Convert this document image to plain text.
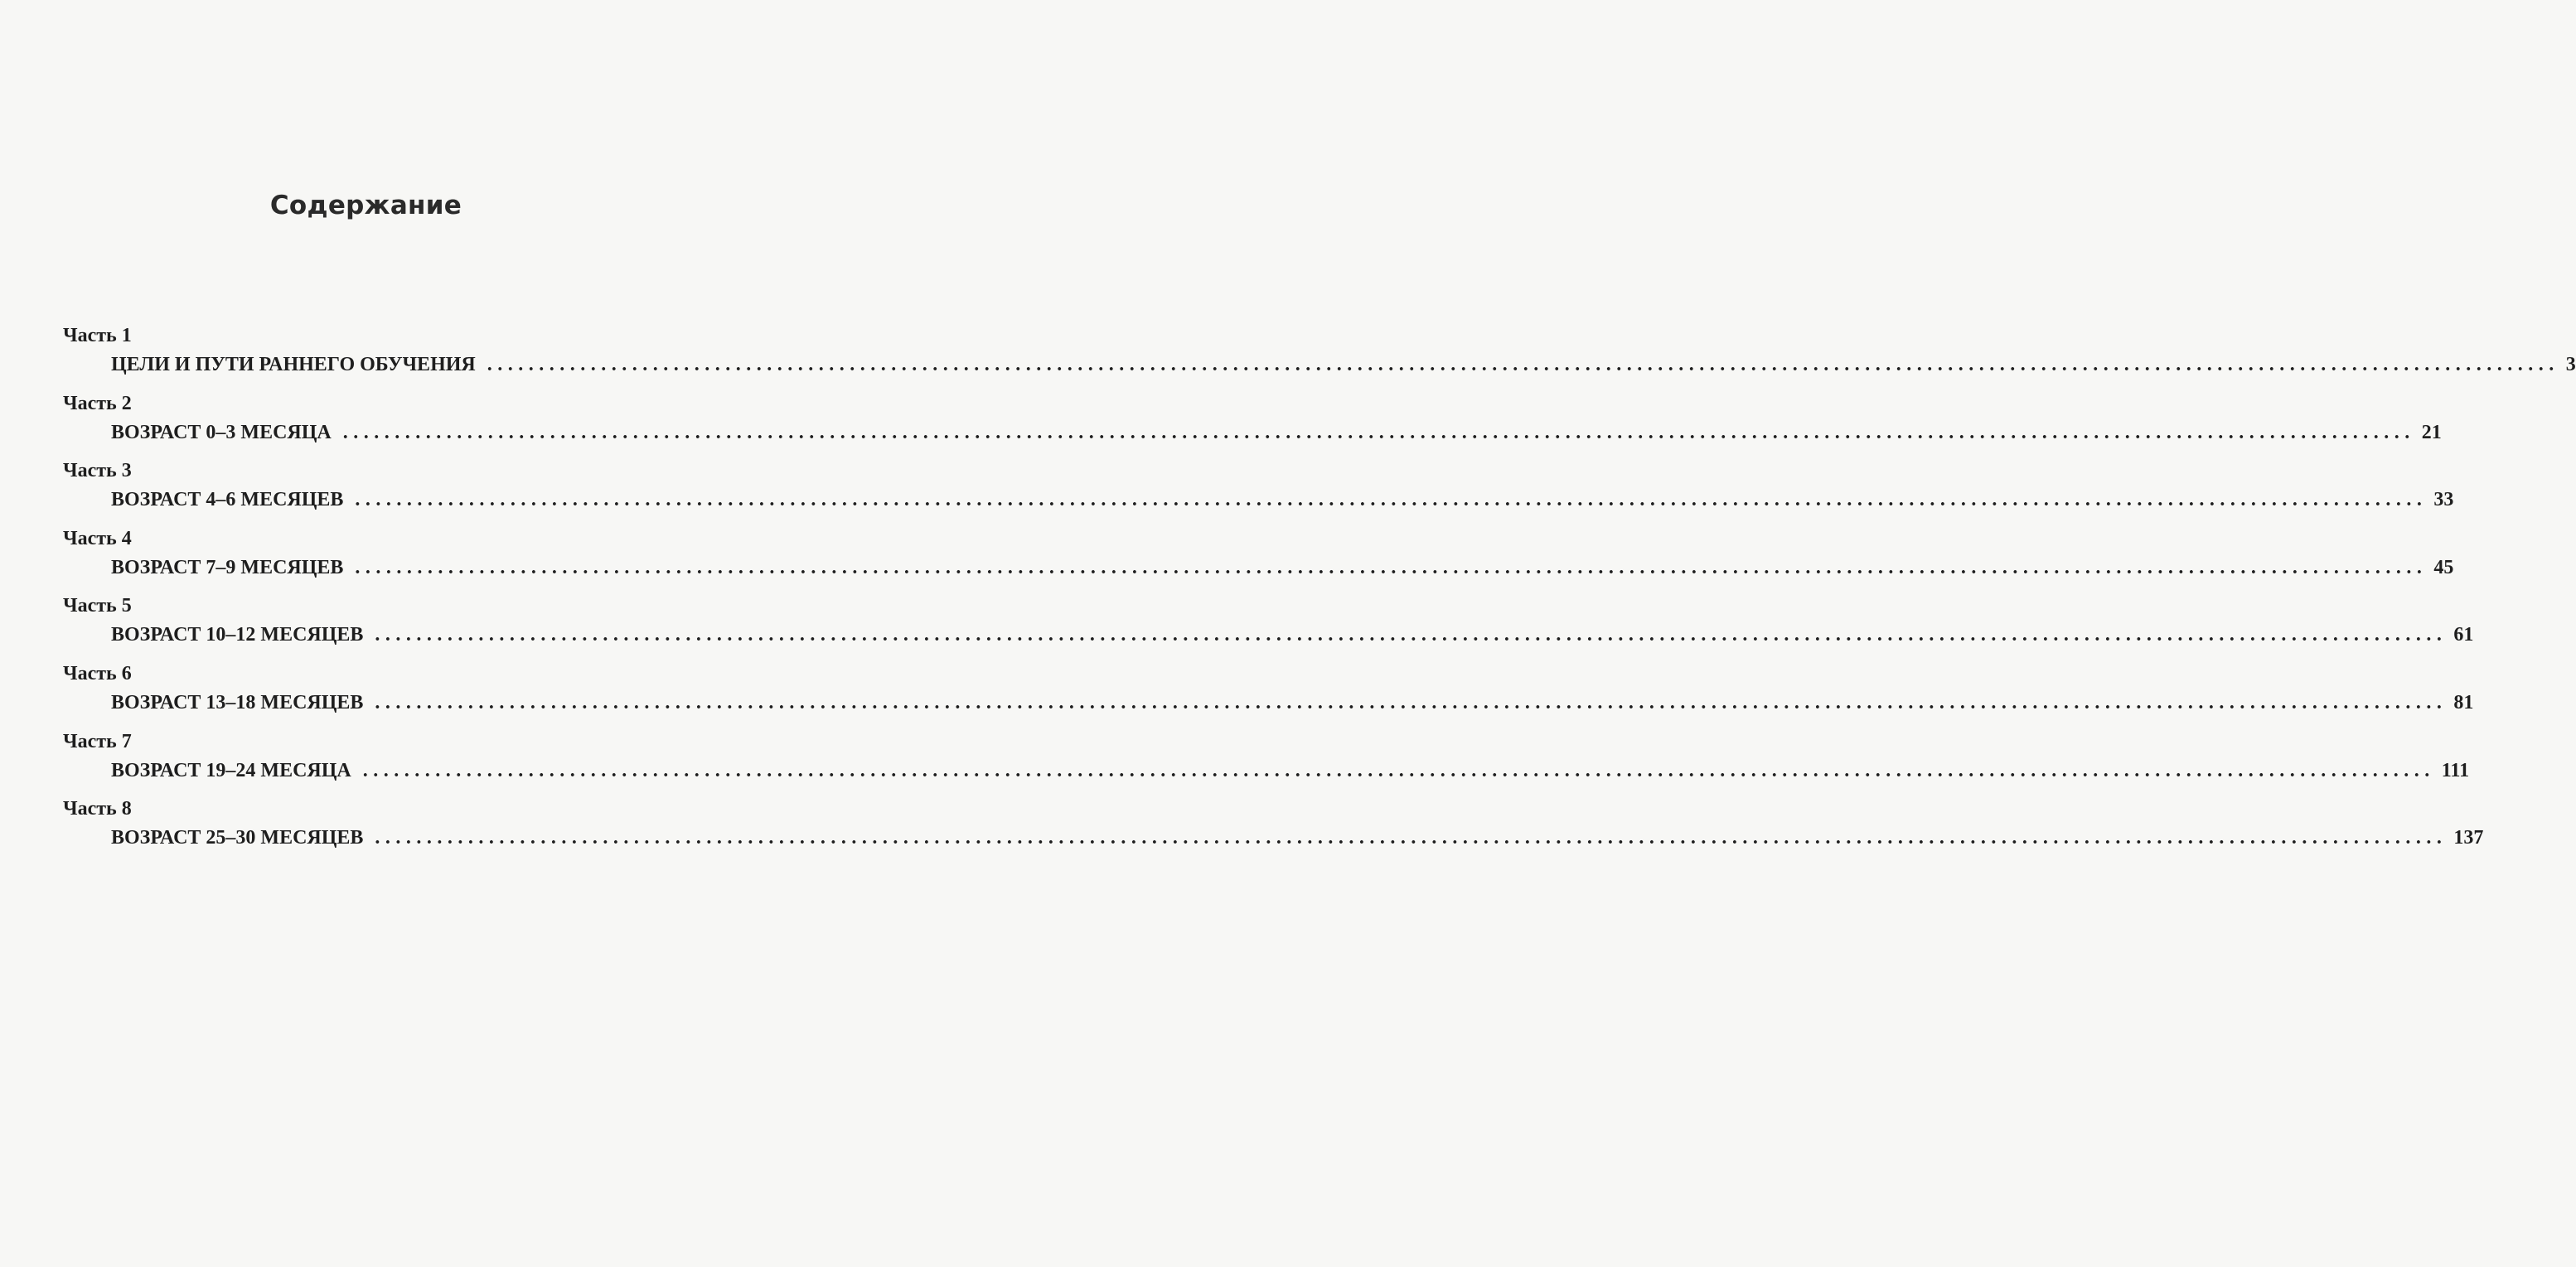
Содержание
Часть 1
ЦЕЛИ И ПУТИ РАННЕГО ОБУЧЕНИЯ ........................................................................................................................................................................................................ 3
Часть 2
ВОЗРАСТ 0–3 МЕСЯЦА ........................................................................................................................................................................................................ 21
Часть 3
ВОЗРАСТ 4–6 МЕСЯЦЕВ ........................................................................................................................................................................................................ 33
Часть 4
ВОЗРАСТ 7–9 МЕСЯЦЕВ ........................................................................................................................................................................................................ 45
Часть 5
ВОЗРАСТ 10–12 МЕСЯЦЕВ ........................................................................................................................................................................................................ 61
Часть 6
ВОЗРАСТ 13–18 МЕСЯЦЕВ ........................................................................................................................................................................................................ 81
Часть 7
ВОЗРАСТ 19–24 МЕСЯЦА ........................................................................................................................................................................................................ 111
Часть 8
ВОЗРАСТ 25–30 МЕСЯЦЕВ ........................................................................................................................................................................................................ 137
